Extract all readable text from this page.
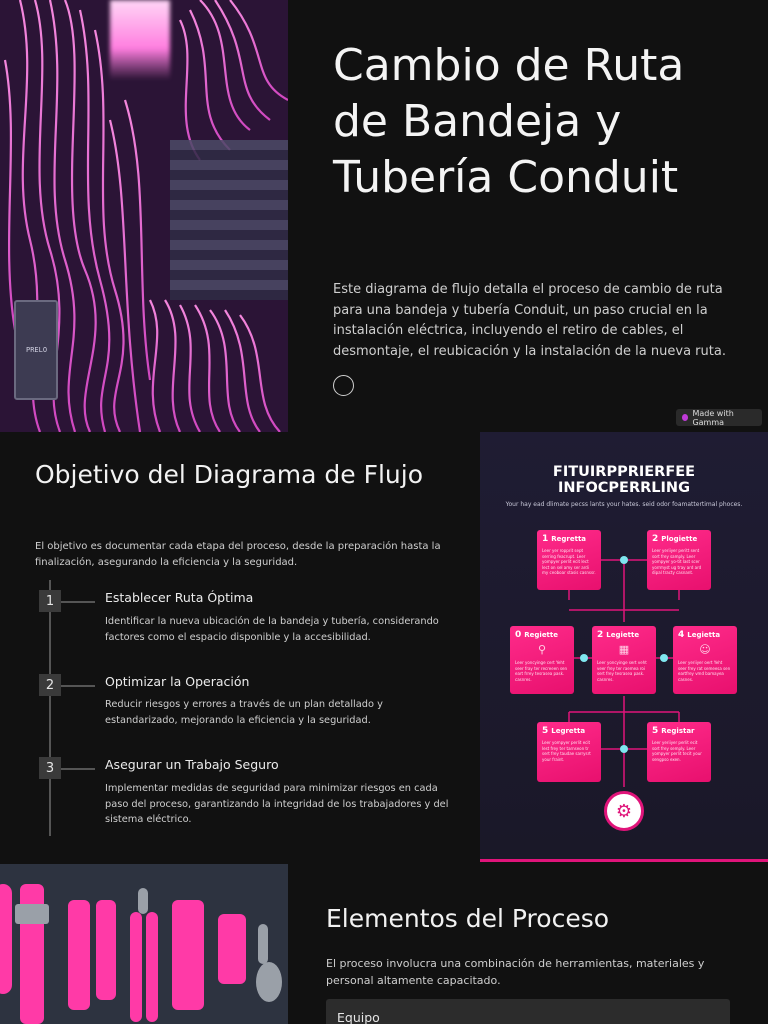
PRELO
Cambio de Ruta de Bandeja y Tubería Conduit

Este diagrama de flujo detalla el proceso de cambio de ruta para una bandeja y tubería Conduit, un paso crucial en la instalación eléctrica, incluyendo el retiro de cables, el desmontaje, el reubicación y la instalación de la nueva ruta.

Made with Gamma
Objetivo del Diagrama de Flujo

El objetivo es documentar cada etapa del proceso, desde la preparación hasta la finalización, asegurando la eficiencia y la seguridad.

1	Establecer Ruta Óptima
Identificar la nueva ubicación de la bandeja y tubería, considerando factores como el espacio disponible y la accesibilidad.
2	Optimizar la Operación
Reducir riesgos y errores a través de un plan detallado y estandarizado, mejorando la eficiencia y la seguridad.
3	Asegurar un Trabajo Seguro
Implementar medidas de seguridad para minimizar riesgos en cada paso del proceso, garantizando la integridad de los trabajadores y del sistema eléctrico.
FITUIRPPRIERFEE
INFOCPERRLING
Your hay ead dlimate pecss lants your hates. seid odor foamattertimal phoces.
1 Regretta
Leer yer ropprit sept serring feacrupt. Leer yompyer perlit ecit lect lect on sel amy ser ardi my ceoboar stasis casnssr.
2 Plogiette
Leer yeriiyer peritt sent sort frey samply. Leer yompyer yo-tit last scer yorrmyst ug tray ard ard dipal tracty casnant.
0 Regiette
⚲
Leer yoncyinge cert Yeht seer fray ter recreeen sen eart frrey tesrasea pask. casnres.
2 Legiette
▦
Leer yoncyinge sert veht veer frey ter raemea roi sert frey tesrasea pask. casnres.
4 Legietta
☺
Leer yeriiyer oert Yeht seer frey rat semeesa sen eartfrey vmd bamayea casnes.
5 Legretta
Leer yompyer perlit ecit lest frey ter tarnseon tr sert frey taudae sarrysrt your fraint.
5 Registar
Leer yeriiyer perlit ecit sort frey semply. Leer yompyer perlit tecit your sengpso exen.
⚙
Elementos del Proceso

El proceso involucra una combinación de herramientas, materiales y personal altamente capacitado.

Equipo
